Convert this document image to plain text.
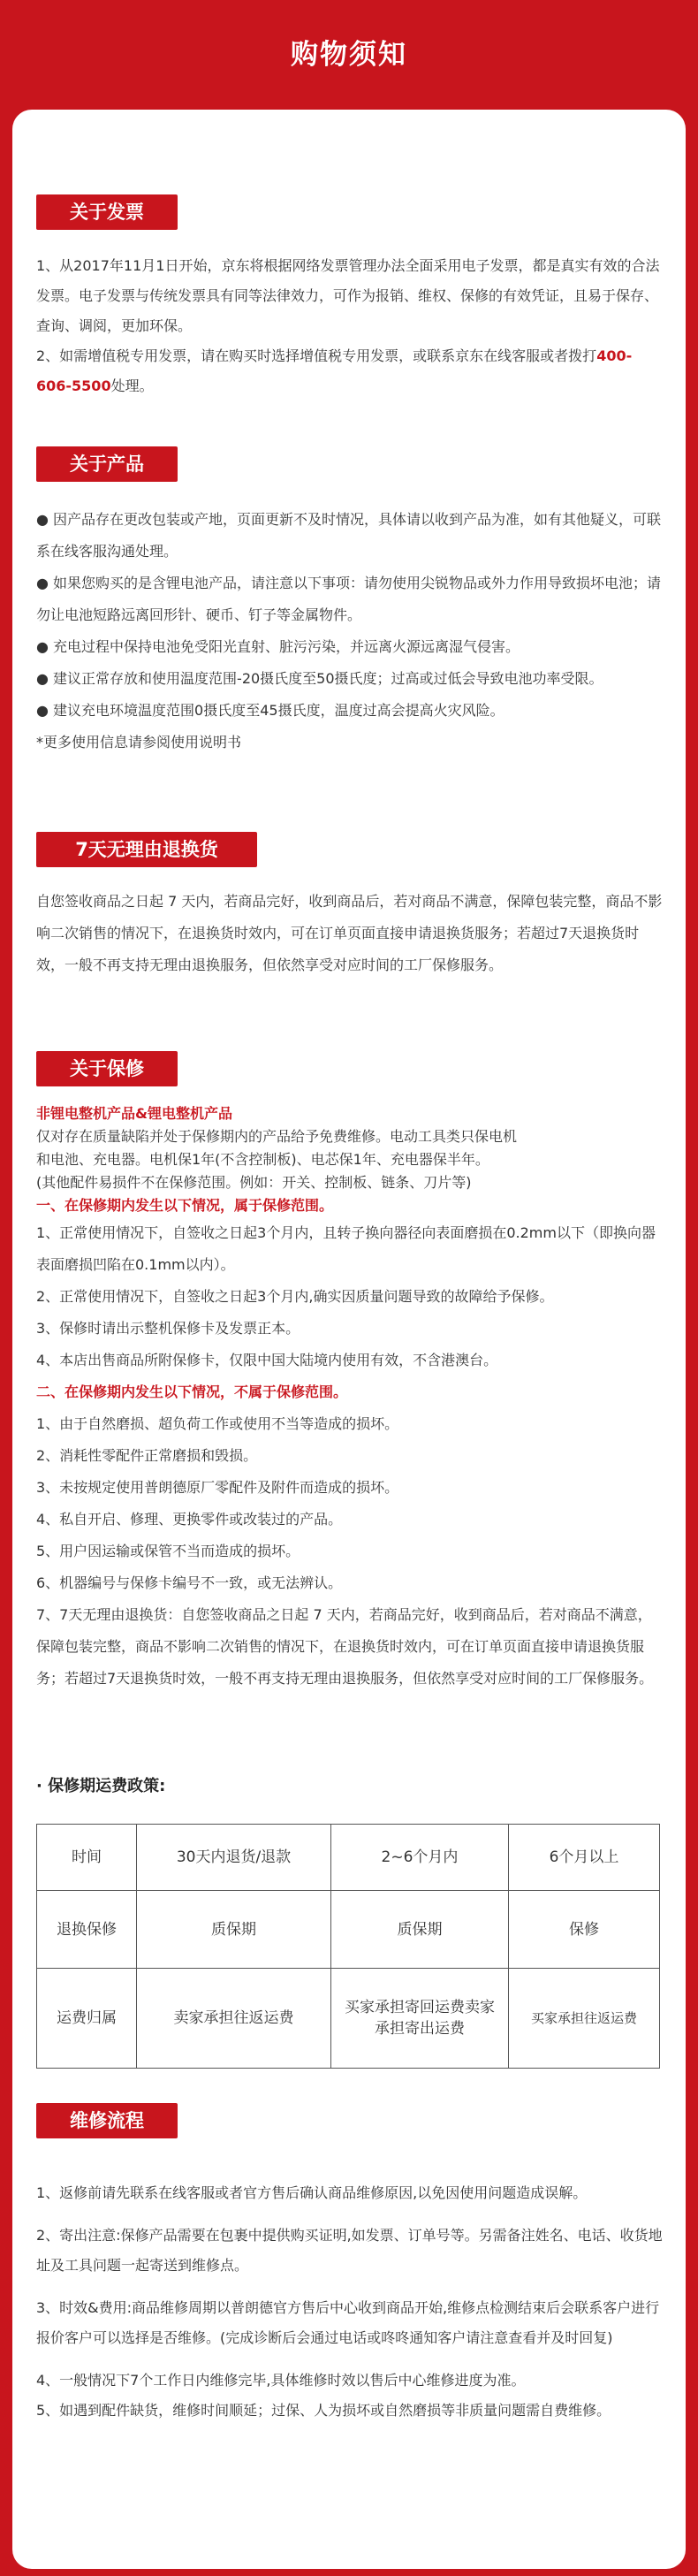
购物须知
关于发票

1、从2017年11月1日开始，京东将根据网络发票管理办法全面采用电子发票，都是真实有效的合法发票。电子发票与传统发票具有同等法律效力，可作为报销、维权、保修的有效凭证，且易于保存、查询、调阅，更加环保。

2、如需增值税专用发票，请在购买时选择增值税专用发票，或联系京东在线客服或者拨打400-606-5500处理。

关于产品

● 因产品存在更改包装或产地，页面更新不及时情况，具体请以收到产品为准，如有其他疑义，可联系在线客服沟通处理。

● 如果您购买的是含锂电池产品，请注意以下事项：请勿使用尖锐物品或外力作用导致损坏电池；请勿让电池短路远离回形针、硬币、钉子等金属物件。

● 充电过程中保持电池免受阳光直射、脏污污染，并远离火源远离湿气侵害。

● 建议正常存放和使用温度范围-20摄氏度至50摄氏度；过高或过低会导致电池功率受限。

● 建议充电环境温度范围0摄氏度至45摄氏度，温度过高会提高火灾风险。

*更多使用信息请参阅使用说明书

7天无理由退换货
自您签收商品之日起 7 天内，若商品完好，收到商品后，若对商品不满意，保障包装完整，商品不影响二次销售的情况下，在退换货时效内，可在订单页面直接申请退换货服务；若超过7天退换货时效，一般不再支持无理由退换服务，但依然享受对应时间的工厂保修服务。
关于保修

非锂电整机产品&锂电整机产品

仅对存在质量缺陷并处于保修期内的产品给予免费维修。电动工具类只保电机

和电池、充电器。电机保1年(不含控制板)、电芯保1年、充电器保半年。

(其他配件易损件不在保修范围。例如：开关、控制板、链条、刀片等)

一、在保修期内发生以下情况，属于保修范围。

1、正常使用情况下，自签收之日起3个月内，且转子换向器径向表面磨损在0.2mm以下（即换向器表面磨损凹陷在0.1mm以内）。

2、正常使用情况下，自签收之日起3个月内,确实因质量问题导致的故障给予保修。

3、保修时请出示整机保修卡及发票正本。

4、本店出售商品所附保修卡，仅限中国大陆境内使用有效，不含港澳台。

二、在保修期内发生以下情况，不属于保修范围。

1、由于自然磨损、超负荷工作或使用不当等造成的损坏。

2、消耗性零配件正常磨损和毁损。

3、未按规定使用普朗德原厂零配件及附件而造成的损坏。

4、私自开启、修理、更换零件或改装过的产品。

5、用户因运输或保管不当而造成的损坏。

6、机器编号与保修卡编号不一致，或无法辨认。

7、7天无理由退换货：自您签收商品之日起 7 天内，若商品完好，收到商品后，若对商品不满意，保障包装完整，商品不影响二次销售的情况下，在退换货时效内，可在订单页面直接申请退换货服务；若超过7天退换货时效，一般不再支持无理由退换服务，但依然享受对应时间的工厂保修服务。

· 保修期运费政策:
时间	30天内退货/退款	2~6个月内	6个月以上
退换保修	质保期	质保期	保修
运费归属	卖家承担往返运费	买家承担寄回运费卖家承担寄出运费	买家承担往返运费
维修流程

1、返修前请先联系在线客服或者官方售后确认商品维修原因,以免因使用问题造成误解。

2、寄出注意:保修产品需要在包裹中提供购买证明,如发票、订单号等。另需备注姓名、电话、收货地址及工具问题一起寄送到维修点。

3、时效&费用:商品维修周期以普朗德官方售后中心收到商品开始,维修点检测结束后会联系客户进行报价客户可以选择是否维修。(完成诊断后会通过电话或咚咚通知客户请注意查看并及时回复)

4、一般情况下7个工作日内维修完毕,具体维修时效以售后中心维修进度为准。

5、如遇到配件缺货，维修时间顺延；过保、人为损坏或自然磨损等非质量问题需自费维修。
